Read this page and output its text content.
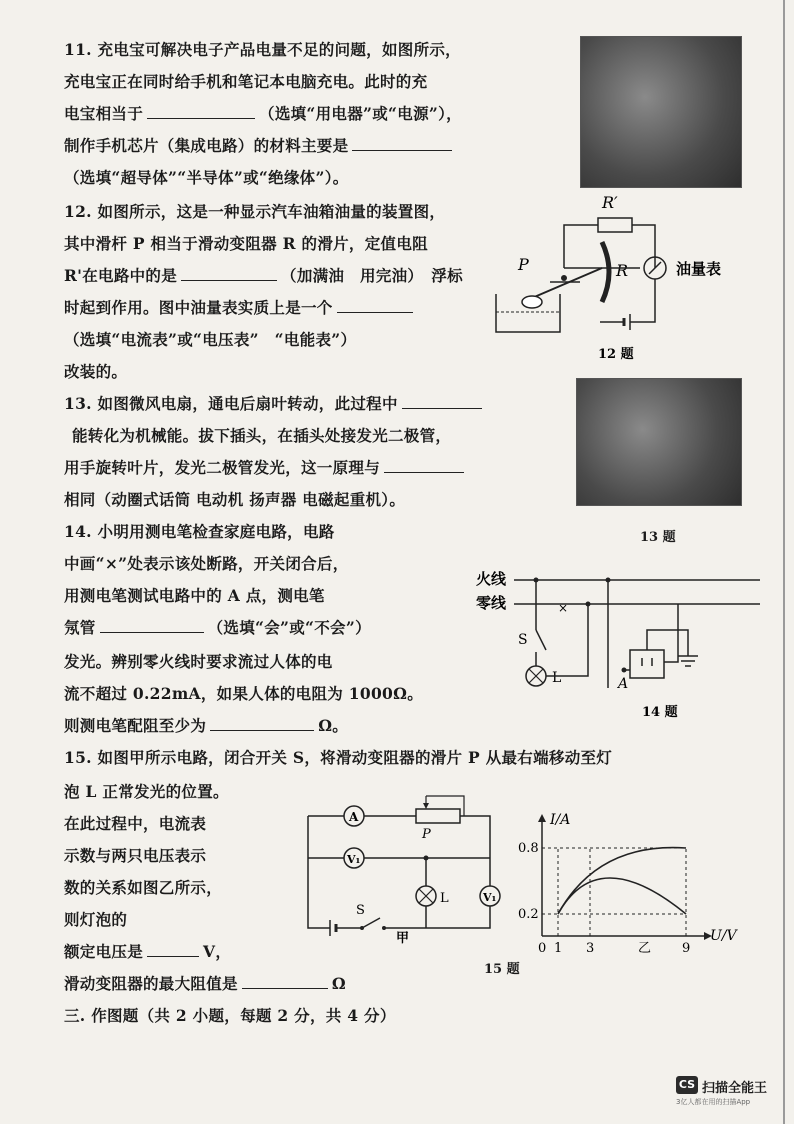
11. 充电宝可解决电子产品电量不足的问题，如图所示，
充电宝正在同时给手机和笔记本电脑充电。此时的充
电宝相当于	（选填“用电器”或“电源”），
制作手机芯片（集成电路）的材料主要是
（选填“超导体”“半导体”或“绝缘体”）。
12. 如图所示，这是一种显示汽车油箱油量的装置图，
其中滑杆 P 相当于滑动变阻器 R 的滑片，定值电阻
R'在电路中的是	（加满油　用完油）　浮标
时起到作用。图中油量表实质上是一个
（选填“电流表”或“电压表”　“电能表”）
改装的。
R′
R	油量表
P
12 题
13. 如图微风电扇，通电后扇叶转动，此过程中
能转化为机械能。拔下插头，在插头处接发光二极管，
用手旋转叶片，发光二极管发光，这一原理与
相同（动圈式话筒 电动机 扬声器 电磁起重机）。
13 题
14. 小明用测电笔检查家庭电路，电路
中画“×”处表示该处断路，开关闭合后，
用测电笔测试电路中的 A 点，测电笔
氖管	（选填“会”或“不会”）
发光。辨别零火线时要求流过人体的电
流不超过 0.22mA，如果人体的电阻为 1000Ω。
则测电笔配阻至少为	Ω。
火线
零线
S
L
×
A
14 题
15. 如图甲所示电路，闭合开关 S，将滑动变阻器的滑片 P 从最右端移动至灯
泡 L 正常发光的位置。
在此过程中，电流表
示数与两只电压表示
数的关系如图乙所示，
则灯泡的
额定电压是	V，
滑动变阻器的最大阻值是	Ω
S
A
P
V₁
L	V₁
甲
I/A
U/V
0.8
0.2
0 1 3	9
乙
15 题
三. 作图题（共 2 小题，每题 2 分，共 4 分）
CS 扫描全能王
3亿人都在用的扫描App
